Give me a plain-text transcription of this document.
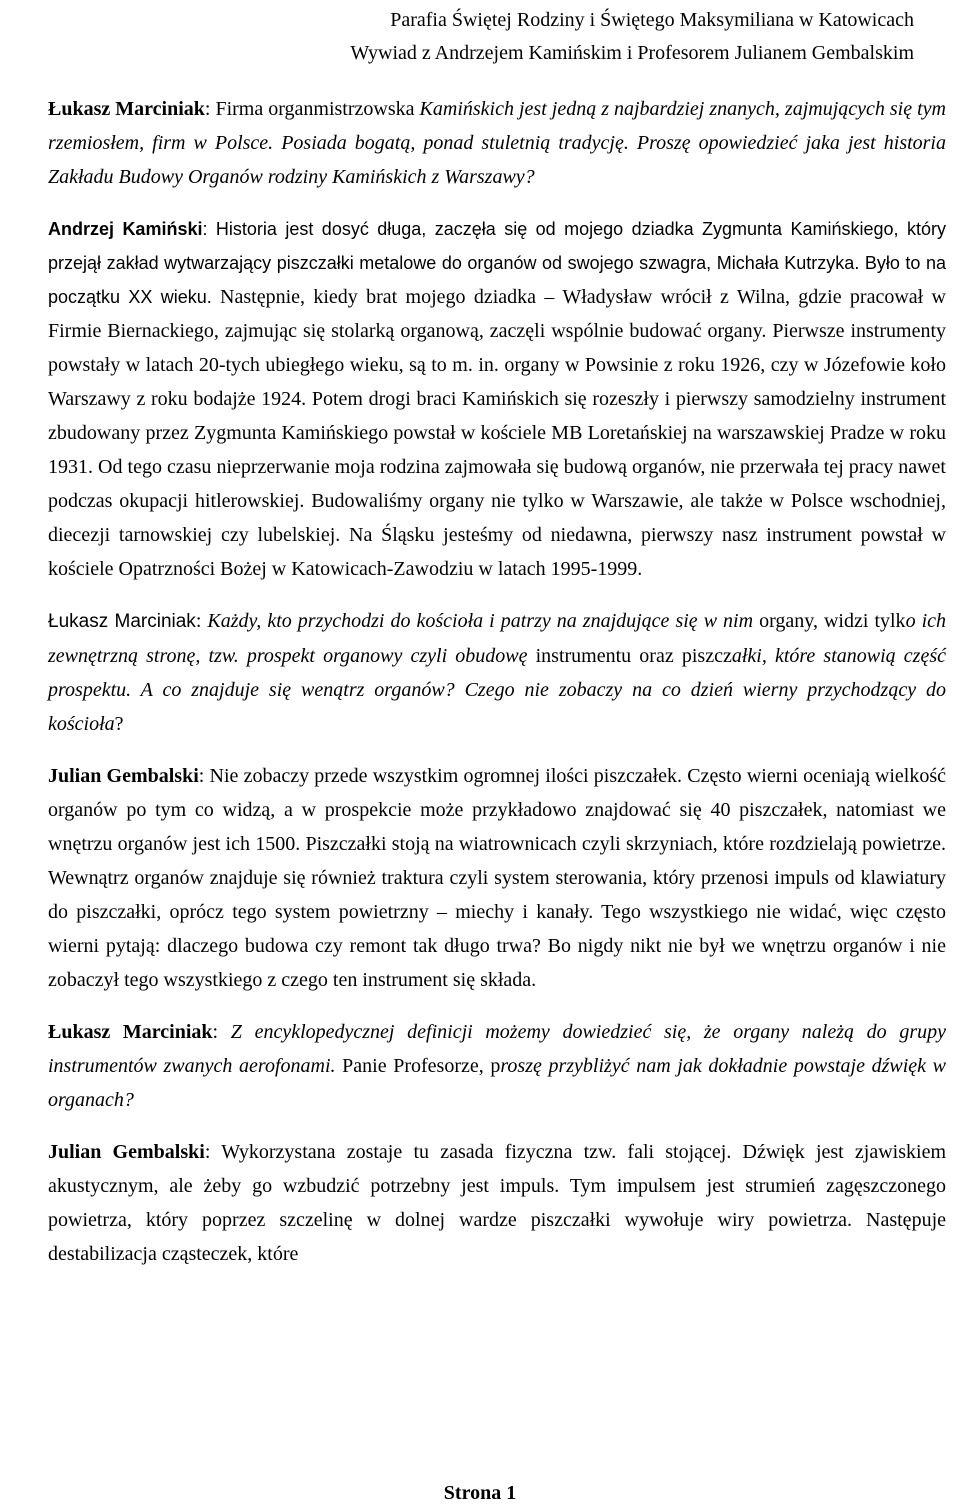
Parafia Świętej Rodziny i Świętego Maksymiliana w Katowicach
Wywiad z Andrzejem Kamińskim i Profesorem Julianem Gembalskim

Łukasz Marciniak: Firma organmistrzowska Kamińskich jest jedną z najbardziej znanych, zajmujących się tym rzemiosłem, firm w Polsce. Posiada bogatą, ponad stuletnią tradycję. Proszę opowiedzieć jaka jest historia Zakładu Budowy Organów rodziny Kamińskich z Warszawy?

Andrzej Kamiński: Historia jest dosyć długa, zaczęła się od mojego dziadka Zygmunta Kamińskiego, który przejął zakład wytwarzający piszczałki metalowe do organów od swojego szwagra, Michała Kutrzyka. Było to na początku XX wieku. Następnie, kiedy brat mojego dziadka – Władysław wrócił z Wilna, gdzie pracował w Firmie Biernackiego, zajmując się stolarką organową, zaczęli wspólnie budować organy. Pierwsze instrumenty powstały w latach 20-tych ubiegłego wieku, są to m. in. organy w Powsinie z roku 1926, czy w Józefowie koło Warszawy z roku bodajże 1924. Potem drogi braci Kamińskich się rozeszły i pierwszy samodzielny instrument zbudowany przez Zygmunta Kamińskiego powstał w kościele MB Loretańskiej na warszawskiej Pradze w roku 1931. Od tego czasu nieprzerwanie moja rodzina zajmowała się budową organów, nie przerwała tej pracy nawet podczas okupacji hitlerowskiej. Budowaliśmy organy nie tylko w Warszawie, ale także w Polsce wschodniej, diecezji tarnowskiej czy lubelskiej. Na Śląsku jesteśmy od niedawna, pierwszy nasz instrument powstał w kościele Opatrzności Bożej w Katowicach-Zawodziu w latach 1995-1999.

Łukasz Marciniak: Każdy, kto przychodzi do kościoła i patrzy na znajdujące się w nim organy, widzi tylko ich zewnętrzną stronę, tzw. prospekt organowy czyli obudowę instrumentu oraz piszczałki, które stanowią część prospektu. A co znajduje się wenątrz organów? Czego nie zobaczy na co dzień wierny przychodzący do kościoła?

Julian Gembalski: Nie zobaczy przede wszystkim ogromnej ilości piszczałek. Często wierni oceniają wielkość organów po tym co widzą, a w prospekcie może przykładowo znajdować się 40 piszczałek, natomiast we wnętrzu organów jest ich 1500. Piszczałki stoją na wiatrownicach czyli skrzyniach, które rozdzielają powietrze. Wewnątrz organów znajduje się również traktura czyli system sterowania, który przenosi impuls od klawiatury do piszczałki, oprócz tego system powietrzny – miechy i kanały. Tego wszystkiego nie widać, więc często wierni pytają: dlaczego budowa czy remont tak długo trwa? Bo nigdy nikt nie był we wnętrzu organów i nie zobaczył tego wszystkiego z czego ten instrument się składa.

Łukasz Marciniak: Z encyklopedycznej definicji możemy dowiedzieć się, że organy należą do grupy instrumentów zwanych aerofonami. Panie Profesorze, proszę przybliżyć nam jak dokładnie powstaje dźwięk w organach?

Julian Gembalski: Wykorzystana zostaje tu zasada fizyczna tzw. fali stojącej. Dźwięk jest zjawiskiem akustycznym, ale żeby go wzbudzić potrzebny jest impuls. Tym impulsem jest strumień zagęszczonego powietrza, który poprzez szczelinę w dolnej wardze piszczałki wywołuje wiry powietrza. Następuje destabilizacja cząsteczek, które

Strona 1
